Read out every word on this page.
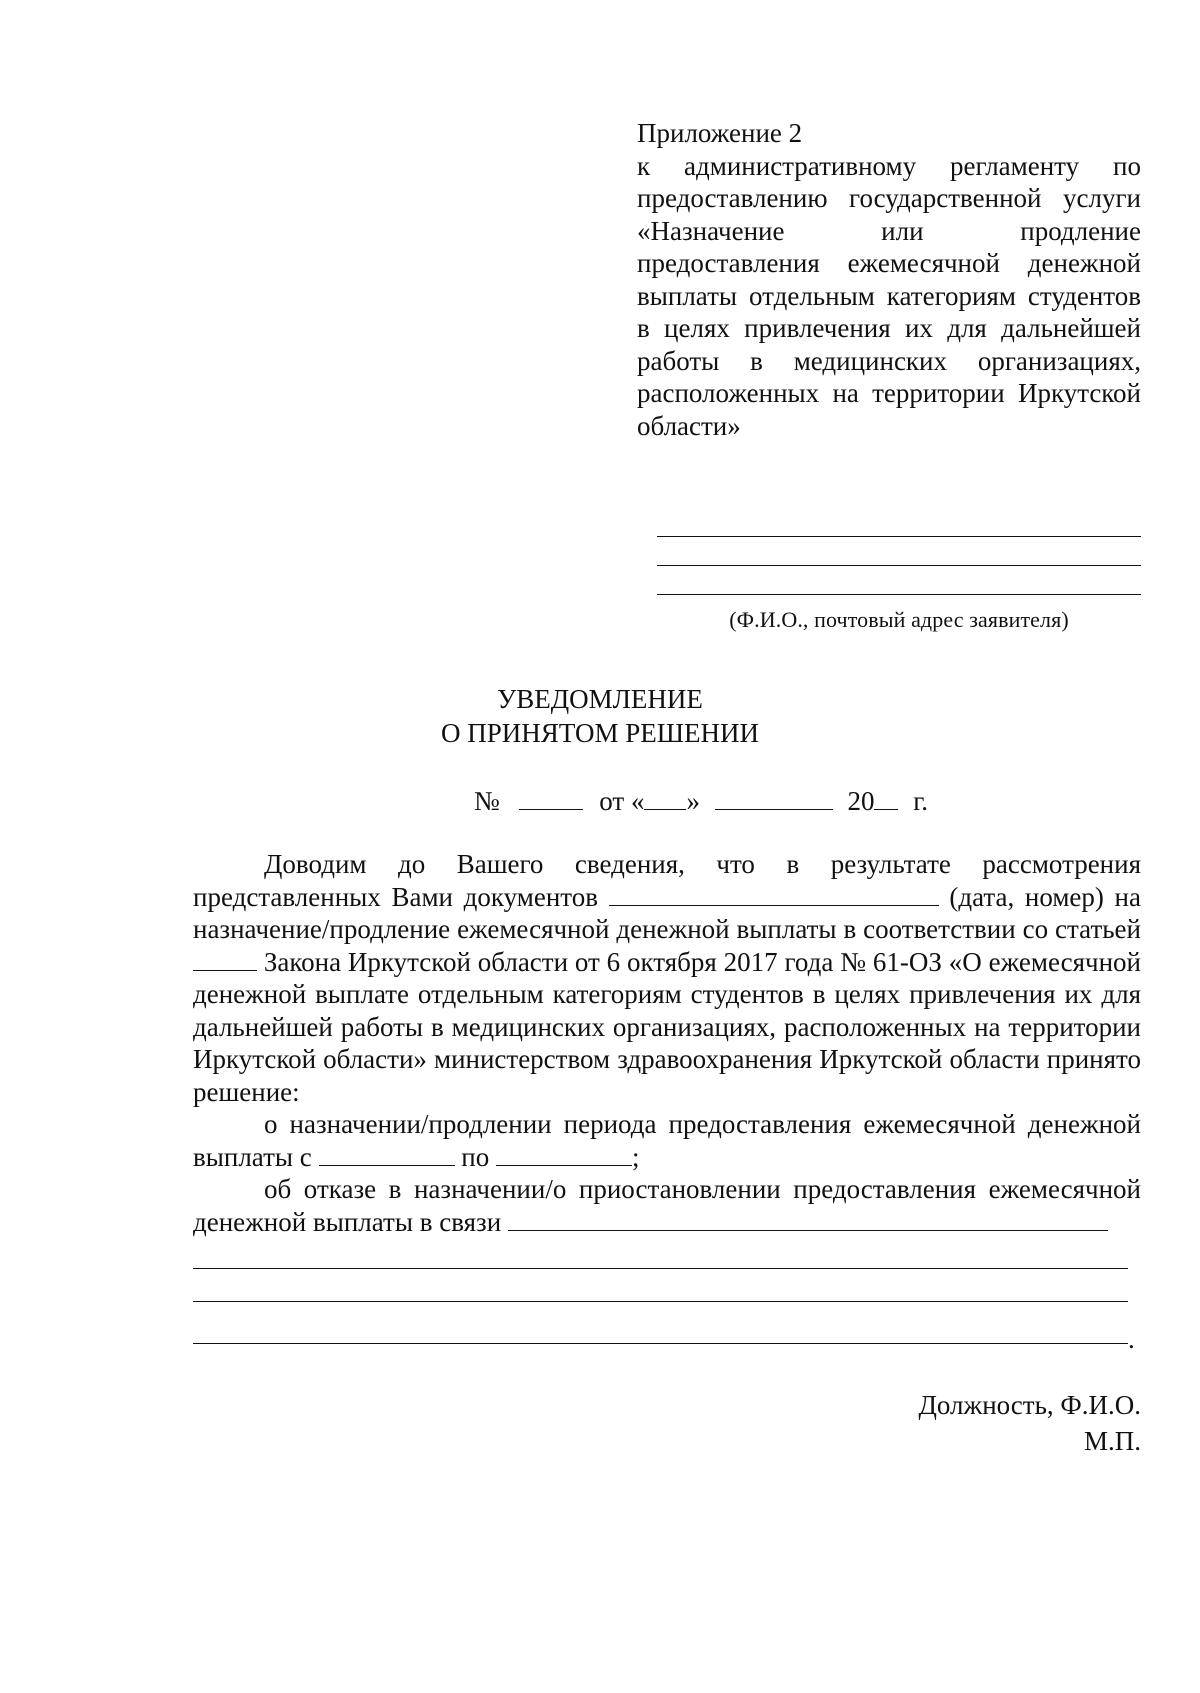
Приложение 2
к административному регламенту по предоставлению государственной услуги «Назначение или продление предоставления ежемесячной денежной выплаты отдельным категориям студентов в целях привлечения их для дальнейшей работы в медицинских организациях, расположенных на территории Иркутской области»
(Ф.И.О., почтовый адрес заявителя)
УВЕДОМЛЕНИЕ
О ПРИНЯТОМ РЕШЕНИИ
№	от « »	20 г.

Доводим до Вашего сведения, что в результате рассмотрения представленных Вами документов	(дата, номер) на назначение/продление ежемесячной денежной выплаты в соответствии со статьей  Закона Иркутской области от 6 октября 2017 года № 61-ОЗ «О ежемесячной денежной выплате отдельным категориям студентов в целях привлечения их для дальнейшей работы в медицинских организациях, расположенных на территории Иркутской области» министерством здравоохранения Иркутской области принято решение:

о назначении/продлении периода предоставления ежемесячной денежной выплаты с	по	;

об отказе в назначении/о приостановлении предоставления ежемесячной денежной выплаты в связи

.
Должность, Ф.И.О.
М.П.
